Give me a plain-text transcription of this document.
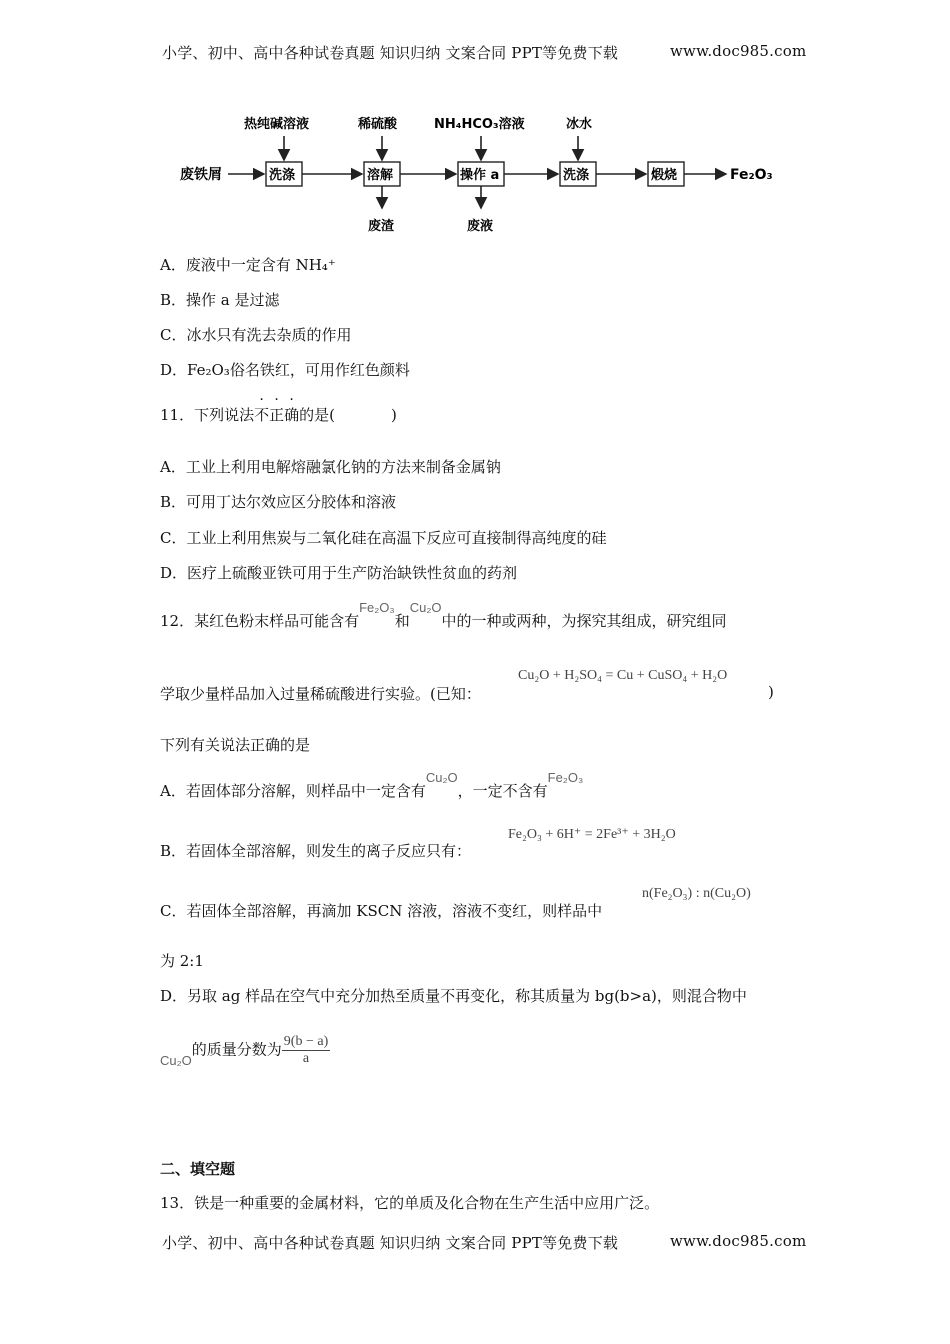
小学、初中、高中各种试卷真题 知识归纳 文案合同 PPT等免费下载	www.doc985.com
废铁屑	洗涤	溶解	操作 a	洗涤	煅烧	Fe₂O₃
热纯碱溶液	稀硫酸	NH₄HCO₃溶液	冰水
废渣	废液
A．废液中一定含有 NH₄⁺
B．操作 a 是过滤
C．冰水只有洗去杂质的作用
D．Fe₂O₃俗名铁红，可用作红色颜料
11．下列说法不正确的是(	)
A．工业上利用电解熔融氯化钠的方法来制备金属钠
B．可用丁达尔效应区分胶体和溶液
C．工业上利用焦炭与二氧化硅在高温下反应可直接制得高纯度的硅
D．医疗上硫酸亚铁可用于生产防治缺铁性贫血的药剂
12．某红色粉末样品可能含有Fe₂O₃和Cu₂O中的一种或两种，为探究其组成，研究组同
学取少量样品加入过量稀硫酸进行实验。(已知：
Cu₂O + H₂SO₄ = Cu + CuSO₄ + H₂O
)
下列有关说法正确的是
A．若固体部分溶解，则样品中一定含有Cu₂O，一定不含有Fe₂O₃
B．若固体全部溶解，则发生的离子反应只有：
Fe₂O₃ + 6H⁺ = 2Fe³⁺ + 3H₂O
C．若固体全部溶解，再滴加 KSCN 溶液，溶液不变红，则样品中
n(Fe₂O₃) : n(Cu₂O)
为 2:1
D．另取 ag 样品在空气中充分加热至质量不再变化，称其质量为 bg(b>a)，则混合物中
Cu₂O的质量分数为 $\frac{9(b - a)}{a}$
二、填空题
13．铁是一种重要的金属材料，它的单质及化合物在生产生活中应用广泛。
小学、初中、高中各种试卷真题 知识归纳 文案合同 PPT等免费下载	www.doc985.com
